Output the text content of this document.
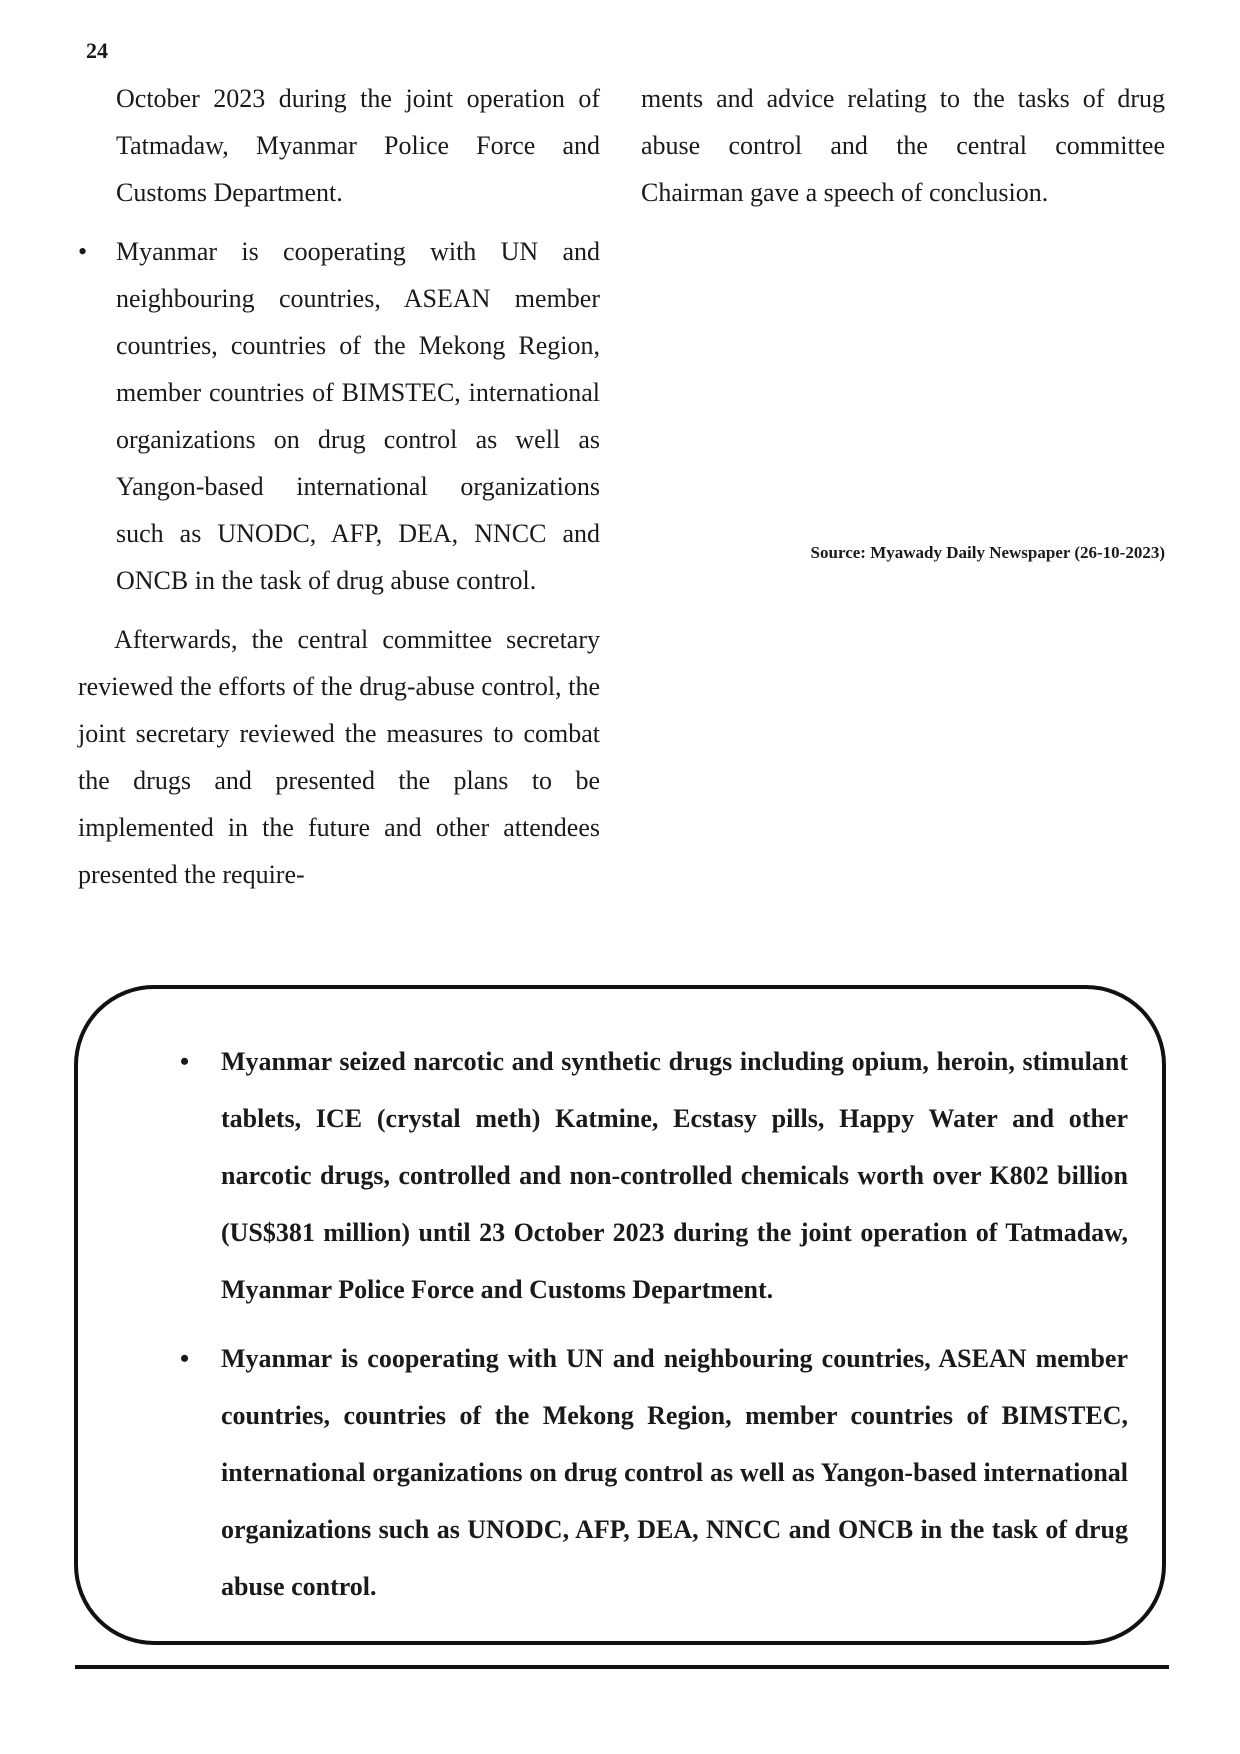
24

October 2023 during the joint operation of Tatmadaw, Myanmar Police Force and Customs Department.

•	Myanmar is cooperating with UN and neighbouring countries, ASEAN member countries, countries of the Mekong Region, member countries of BIMSTEC, international organizations on drug control as well as Yangon-based international organizations such as UNODC, AFP, DEA, NNCC and ONCB in the task of drug abuse control.

Afterwards, the central committee secretary reviewed the efforts of the drug-abuse control, the joint secretary reviewed the measures to combat the drugs and presented the plans to be implemented in the future and other attendees presented the require-

ments and advice relating to the tasks of drug abuse control and the central committee Chairman gave a speech of conclusion.

Source: Myawady Daily Newspaper (26-10-2023)
• Myanmar seized narcotic and synthetic drugs including opium, heroin, stimulant tablets, ICE (crystal meth) Katmine, Ecstasy pills, Happy Water and other narcotic drugs, controlled and non-controlled chemicals worth over K802 billion (US$381 million) until 23 October 2023 during the joint operation of Tatmadaw, Myanmar Police Force and Customs Department.
• Myanmar is cooperating with UN and neighbouring countries, ASEAN member countries, countries of the Mekong Region, member countries of BIMSTEC, international organizations on drug control as well as Yangon-based international organizations such as UNODC, AFP, DEA, NNCC and ONCB in the task of drug abuse control.
